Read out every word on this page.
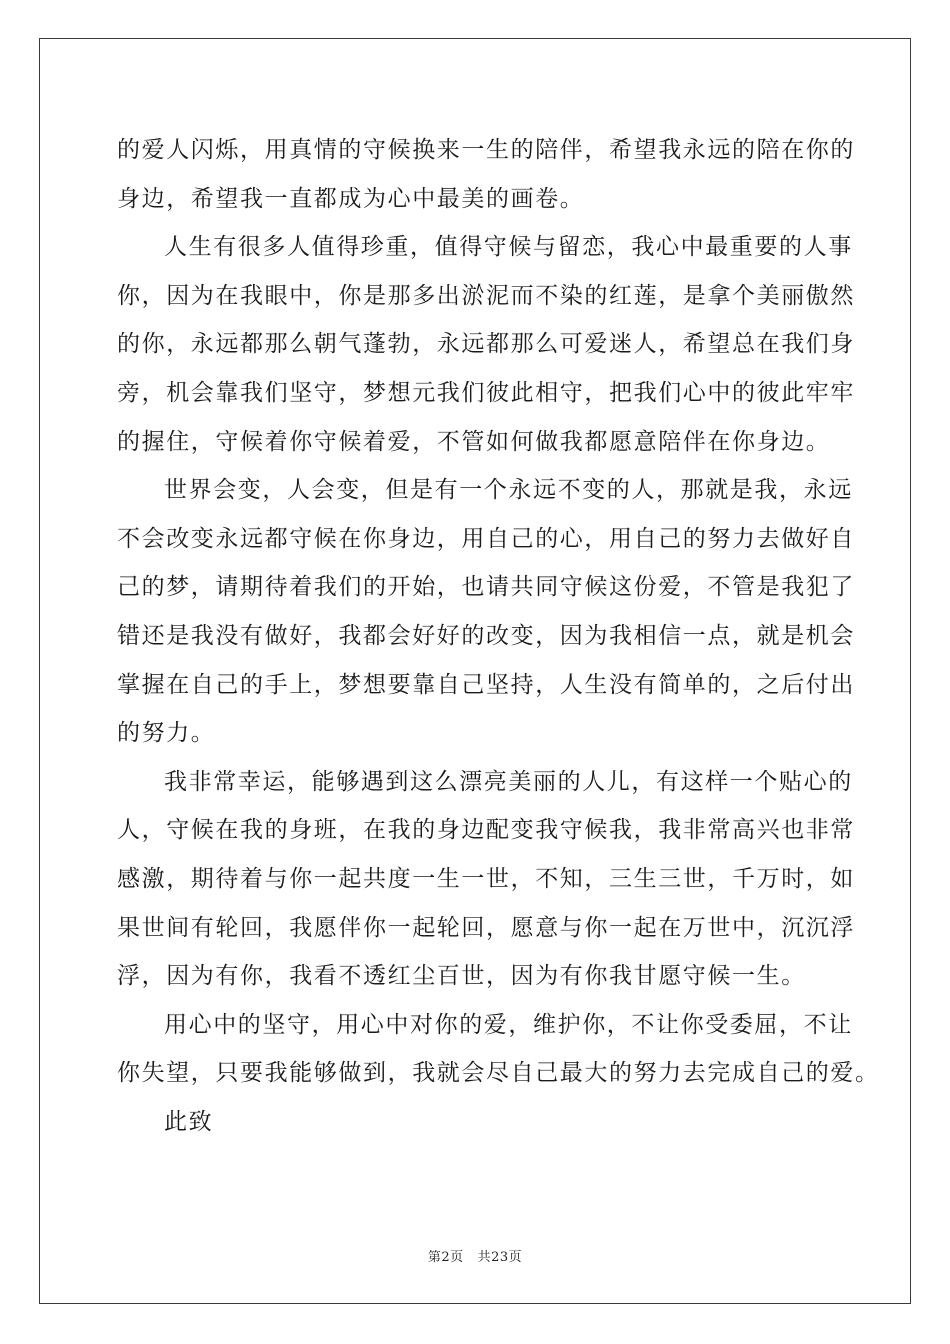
的爱人闪烁，用真情的守候换来一生的陪伴，希望我永远的陪在你的
身边，希望我一直都成为心中最美的画卷。
人生有很多人值得珍重，值得守候与留恋，我心中最重要的人事
你，因为在我眼中，你是那多出淤泥而不染的红莲，是拿个美丽傲然
的你，永远都那么朝气蓬勃，永远都那么可爱迷人，希望总在我们身
旁，机会靠我们坚守，梦想元我们彼此相守，把我们心中的彼此牢牢
的握住，守候着你守候着爱，不管如何做我都愿意陪伴在你身边。
世界会变，人会变，但是有一个永远不变的人，那就是我，永远
不会改变永远都守候在你身边，用自己的心，用自己的努力去做好自
己的梦，请期待着我们的开始，也请共同守候这份爱，不管是我犯了
错还是我没有做好，我都会好好的改变，因为我相信一点，就是机会
掌握在自己的手上，梦想要靠自己坚持，人生没有简单的，之后付出
的努力。
我非常幸运，能够遇到这么漂亮美丽的人儿，有这样一个贴心的
人，守候在我的身班，在我的身边配变我守候我，我非常高兴也非常
感激，期待着与你一起共度一生一世，不知，三生三世，千万时，如
果世间有轮回，我愿伴你一起轮回，愿意与你一起在万世中，沉沉浮
浮，因为有你，我看不透红尘百世，因为有你我甘愿守候一生。
用心中的坚守，用心中对你的爱，维护你，不让你受委屈，不让
你失望，只要我能够做到，我就会尽自己最大的努力去完成自己的爱。
此致
第2页 共23页
